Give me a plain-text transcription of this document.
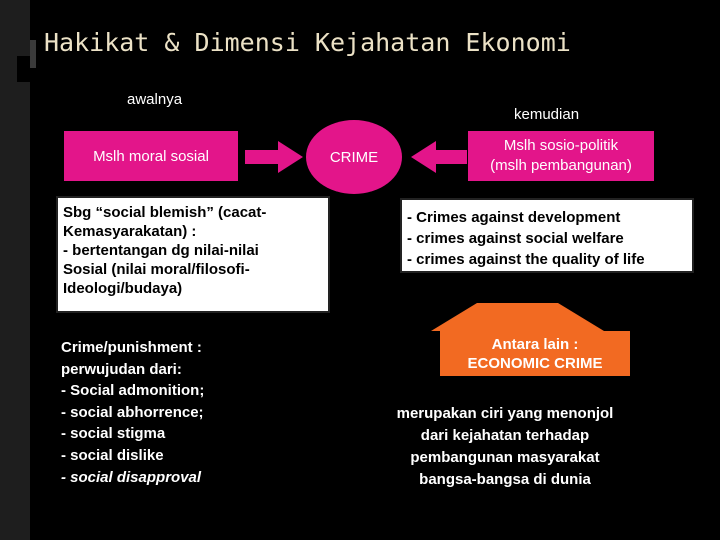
Hakikat & Dimensi Kejahatan Ekonomi
awalnya
kemudian
Mslh moral sosial	CRIME
Mslh sosio-politik
(mslh pembangunan)
Sbg “social blemish” (cacat-
Kemasyarakatan) :
- bertentangan dg nilai-nilai
Sosial (nilai moral/filosofi-
Ideologi/budaya)
- Crimes against development
- crimes against social welfare
- crimes against the quality of life
Crime/punishment :
perwujudan dari:
- Social admonition;
- social abhorrence;
- social stigma
- social dislike
- social disapproval
Antara lain :
ECONOMIC CRIME
merupakan ciri yang menonjol
dari kejahatan terhadap
pembangunan masyarakat
bangsa-bangsa di dunia
